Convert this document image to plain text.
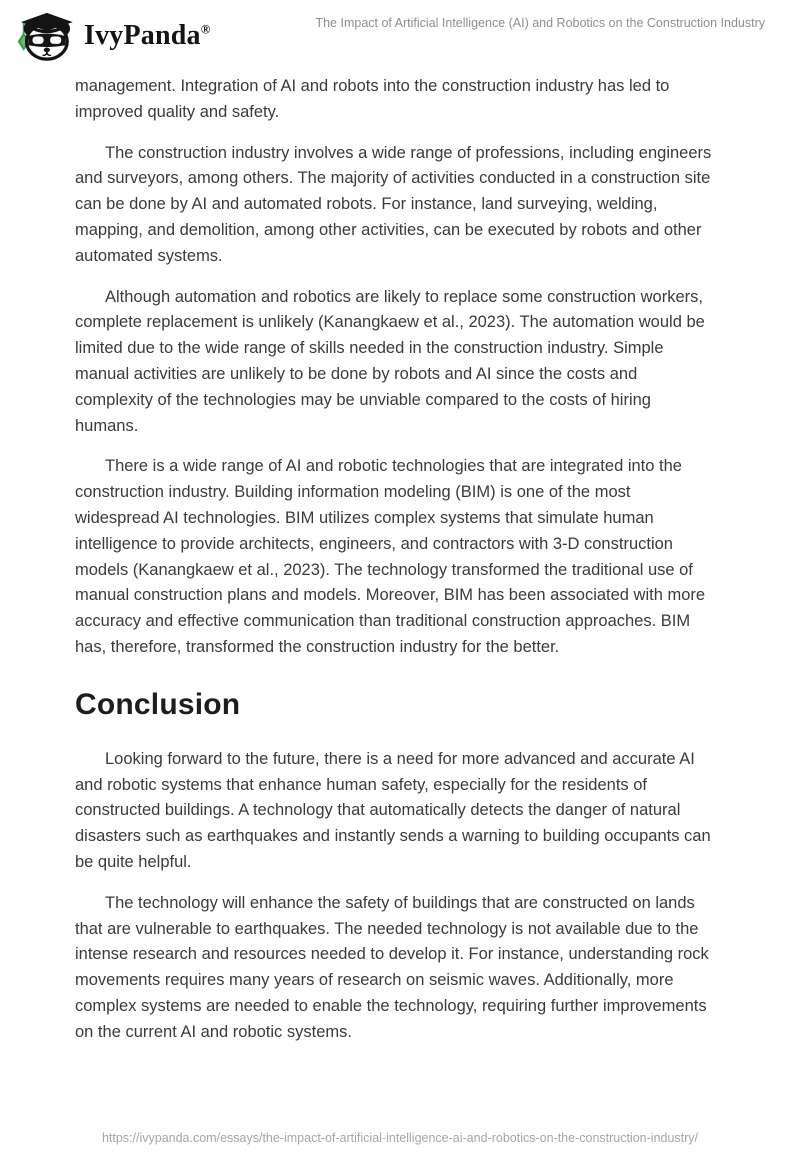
IvyPanda®	The Impact of Artificial Intelligence (AI) and Robotics on the Construction Industry

management. Integration of AI and robots into the construction industry has led to improved quality and safety.

The construction industry involves a wide range of professions, including engineers and surveyors, among others. The majority of activities conducted in a construction site can be done by AI and automated robots. For instance, land surveying, welding, mapping, and demolition, among other activities, can be executed by robots and other automated systems.

Although automation and robotics are likely to replace some construction workers, complete replacement is unlikely (Kanangkaew et al., 2023). The automation would be limited due to the wide range of skills needed in the construction industry. Simple manual activities are unlikely to be done by robots and AI since the costs and complexity of the technologies may be unviable compared to the costs of hiring humans.

There is a wide range of AI and robotic technologies that are integrated into the construction industry. Building information modeling (BIM) is one of the most widespread AI technologies. BIM utilizes complex systems that simulate human intelligence to provide architects, engineers, and contractors with 3-D construction models (Kanangkaew et al., 2023). The technology transformed the traditional use of manual construction plans and models. Moreover, BIM has been associated with more accuracy and effective communication than traditional construction approaches. BIM has, therefore, transformed the construction industry for the better.

Conclusion

Looking forward to the future, there is a need for more advanced and accurate AI and robotic systems that enhance human safety, especially for the residents of constructed buildings. A technology that automatically detects the danger of natural disasters such as earthquakes and instantly sends a warning to building occupants can be quite helpful.

The technology will enhance the safety of buildings that are constructed on lands that are vulnerable to earthquakes. The needed technology is not available due to the intense research and resources needed to develop it. For instance, understanding rock movements requires many years of research on seismic waves. Additionally, more complex systems are needed to enable the technology, requiring further improvements on the current AI and robotic systems.

https://ivypanda.com/essays/the-impact-of-artificial-intelligence-ai-and-robotics-on-the-construction-industry/
